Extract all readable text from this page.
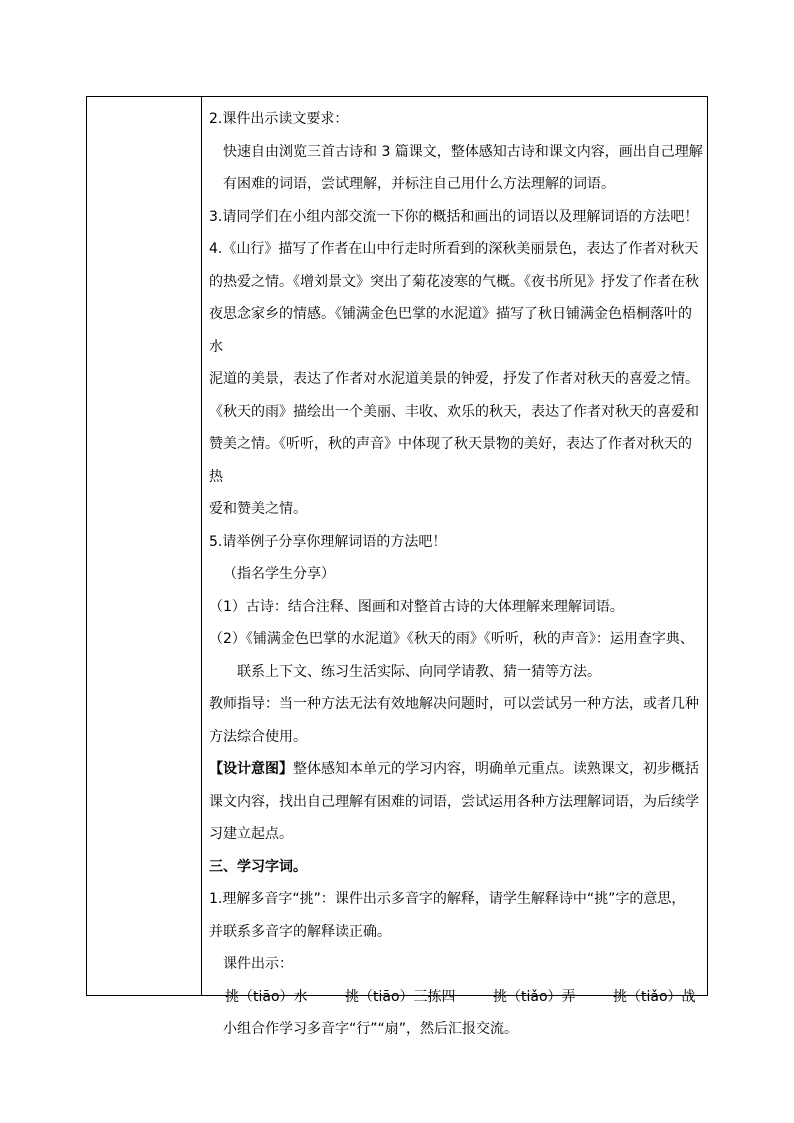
2.课件出示读文要求：

快速自由浏览三首古诗和 3 篇课文，整体感知古诗和课文内容，画出自己理解

有困难的词语，尝试理解，并标注自己用什么方法理解的词语。

3.请同学们在小组内部交流一下你的概括和画出的词语以及理解词语的方法吧！

4.《山行》描写了作者在山中行走时所看到的深秋美丽景色，表达了作者对秋天

的热爱之情。《增刘景文》突出了菊花凌寒的气概。《夜书所见》抒发了作者在秋

夜思念家乡的情感。《铺满金色巴掌的水泥道》描写了秋日铺满金色梧桐落叶的水

泥道的美景，表达了作者对水泥道美景的钟爱，抒发了作者对秋天的喜爱之情。

《秋天的雨》描绘出一个美丽、丰收、欢乐的秋天，表达了作者对秋天的喜爱和

赞美之情。《听听，秋的声音》中体现了秋天景物的美好，表达了作者对秋天的热

爱和赞美之情。

5.请举例子分享你理解词语的方法吧！

（指名学生分享）

（1）古诗：结合注释、图画和对整首古诗的大体理解来理解词语。

（2）《铺满金色巴掌的水泥道》《秋天的雨》《听听，秋的声音》：运用查字典、

联系上下文、练习生活实际、向同学请教、猜一猜等方法。

教师指导：当一种方法无法有效地解决问题时，可以尝试另一种方法，或者几种

方法综合使用。

【设计意图】整体感知本单元的学习内容，明确单元重点。读熟课文，初步概括

课文内容，找出自己理解有困难的词语，尝试运用各种方法理解词语，为后续学

习建立起点。

三、学习字词。

1.理解多音字“挑”：课件出示多音字的解释，请学生解释诗中“挑”字的意思，

并联系多音字的解释读正确。

课件出示：

挑（tiāo）水	挑（tiāo）三拣四	挑（tiǎo）弄	挑（tiǎo）战

小组合作学习多音字“行”“扇”，然后汇报交流。
